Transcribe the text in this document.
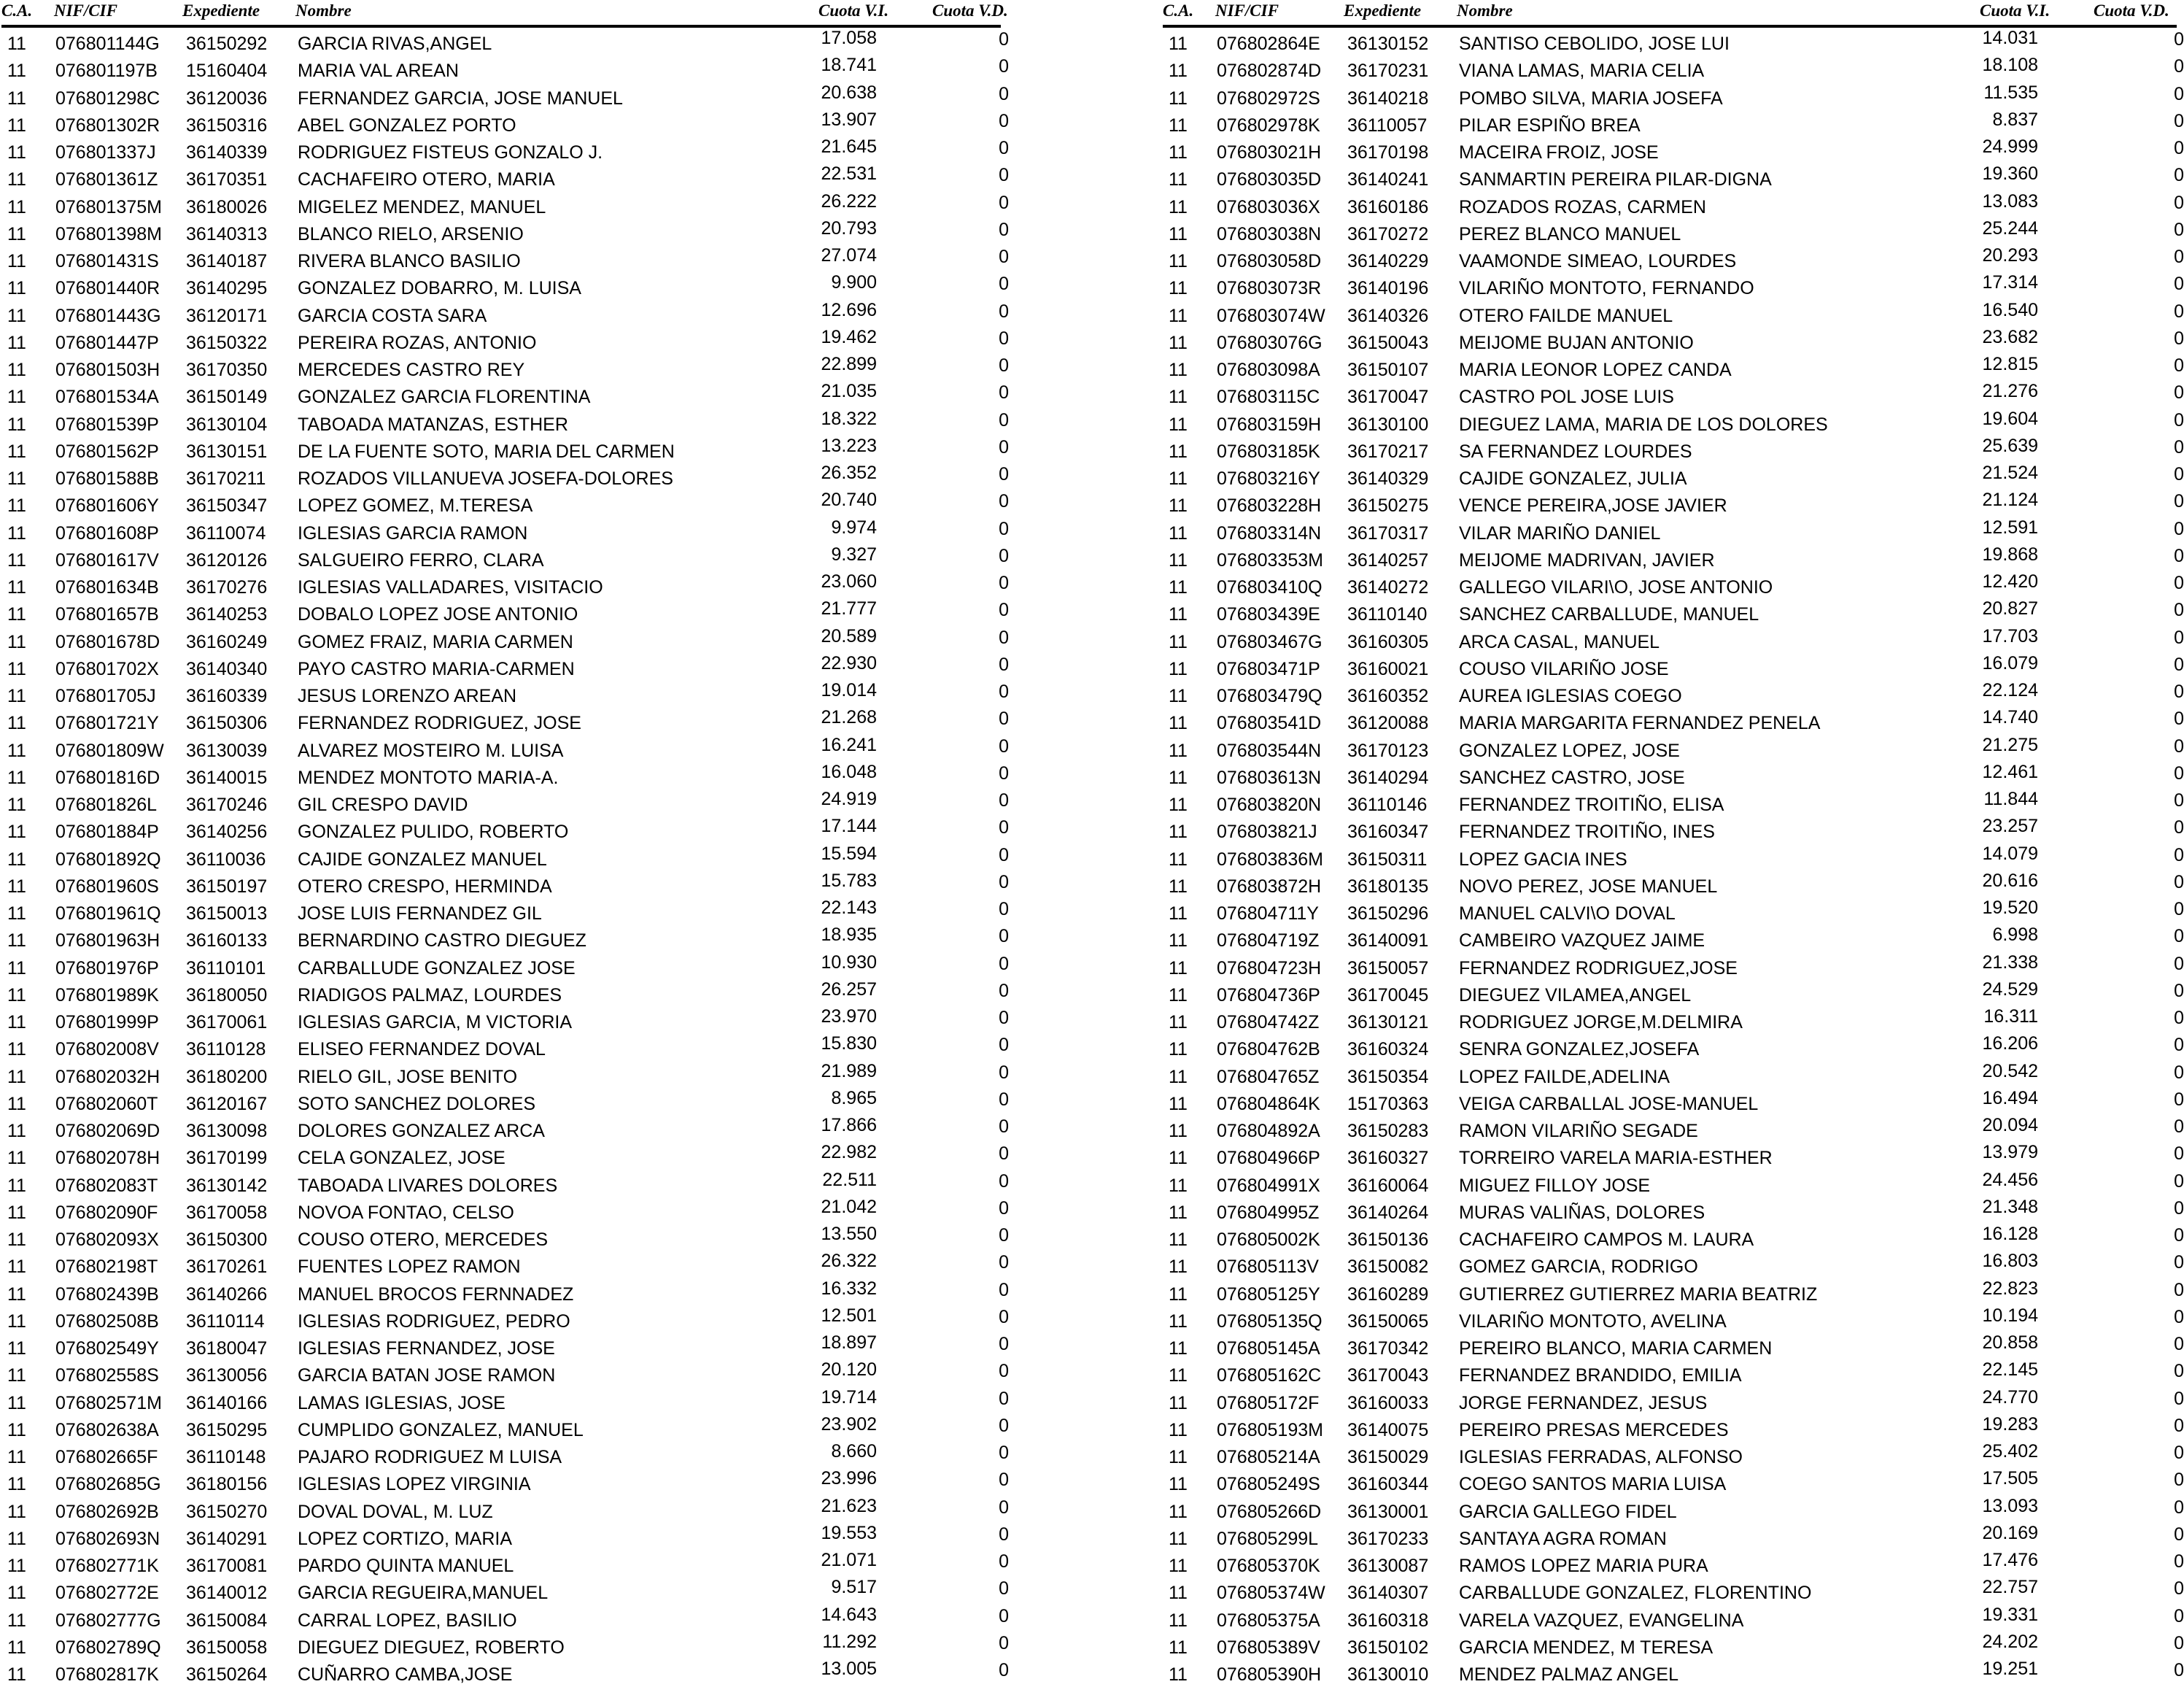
C.A. NIF/CIF	Expediente Nombre	Cuota V.I.	Cuota V.D.
11 076801144G 36150292 GARCIA RIVAS,ANGEL	17.058	0
11 076801197B 15160404 MARIA VAL AREAN	18.741	0
11 076801298C 36120036 FERNANDEZ GARCIA, JOSE MANUEL	20.638	0
11 076801302R 36150316 ABEL GONZALEZ PORTO	13.907	0
11 076801337J 36140339 RODRIGUEZ FISTEUS GONZALO J.	21.645	0
11 076801361Z 36170351 CACHAFEIRO OTERO, MARIA	22.531	0
11 076801375M 36180026 MIGELEZ MENDEZ, MANUEL	26.222	0
11 076801398M 36140313 BLANCO RIELO, ARSENIO	20.793	0
11 076801431S 36140187 RIVERA BLANCO BASILIO	27.074	0
11 076801440R 36140295 GONZALEZ DOBARRO, M. LUISA	9.900	0
11 076801443G 36120171 GARCIA COSTA SARA	12.696	0
11 076801447P 36150322 PEREIRA ROZAS, ANTONIO	19.462	0
11 076801503H 36170350 MERCEDES CASTRO REY	22.899	0
11 076801534A 36150149 GONZALEZ GARCIA FLORENTINA	21.035	0
11 076801539P 36130104 TABOADA MATANZAS, ESTHER	18.322	0
11 076801562P 36130151 DE LA FUENTE SOTO, MARIA DEL CARMEN	13.223	0
11 076801588B 36170211 ROZADOS VILLANUEVA JOSEFA-DOLORES	26.352	0
11 076801606Y 36150347 LOPEZ GOMEZ, M.TERESA	20.740	0
11 076801608P 36110074 IGLESIAS GARCIA RAMON	9.974	0
11 076801617V 36120126 SALGUEIRO FERRO, CLARA	9.327	0
11 076801634B 36170276 IGLESIAS VALLADARES, VISITACIO	23.060	0
11 076801657B 36140253 DOBALO LOPEZ JOSE ANTONIO	21.777	0
11 076801678D 36160249 GOMEZ FRAIZ, MARIA CARMEN	20.589	0
11 076801702X 36140340 PAYO CASTRO MARIA-CARMEN	22.930	0
11 076801705J 36160339 JESUS LORENZO AREAN	19.014	0
11 076801721Y 36150306 FERNANDEZ RODRIGUEZ, JOSE	21.268	0
11 076801809W 36130039 ALVAREZ MOSTEIRO M. LUISA	16.241	0
11 076801816D 36140015 MENDEZ MONTOTO MARIA-A.	16.048	0
11 076801826L 36170246 GIL CRESPO DAVID	24.919	0
11 076801884P 36140256 GONZALEZ PULIDO, ROBERTO	17.144	0
11 076801892Q 36110036 CAJIDE GONZALEZ MANUEL	15.594	0
11 076801960S 36150197 OTERO CRESPO, HERMINDA	15.783	0
11 076801961Q 36150013 JOSE LUIS FERNANDEZ GIL	22.143	0
11 076801963H 36160133 BERNARDINO CASTRO DIEGUEZ	18.935	0
11 076801976P 36110101 CARBALLUDE GONZALEZ JOSE	10.930	0
11 076801989K 36180050 RIADIGOS PALMAZ, LOURDES	26.257	0
11 076801999P 36170061 IGLESIAS GARCIA, M VICTORIA	23.970	0
11 076802008V 36110128 ELISEO FERNANDEZ DOVAL	15.830	0
11 076802032H 36180200 RIELO GIL, JOSE BENITO	21.989	0
11 076802060T 36120167 SOTO SANCHEZ DOLORES	8.965	0
11 076802069D 36130098 DOLORES GONZALEZ ARCA	17.866	0
11 076802078H 36170199 CELA GONZALEZ, JOSE	22.982	0
11 076802083T 36130142 TABOADA LIVARES DOLORES	22.511	0
11 076802090F 36170058 NOVOA FONTAO, CELSO	21.042	0
11 076802093X 36150300 COUSO OTERO, MERCEDES	13.550	0
11 076802198T 36170261 FUENTES LOPEZ RAMON	26.322	0
11 076802439B 36140266 MANUEL BROCOS FERNNADEZ	16.332	0
11 076802508B 36110114 IGLESIAS RODRIGUEZ, PEDRO	12.501	0
11 076802549Y 36180047 IGLESIAS FERNANDEZ, JOSE	18.897	0
11 076802558S 36130056 GARCIA BATAN JOSE RAMON	20.120	0
11 076802571M 36140166 LAMAS IGLESIAS, JOSE	19.714	0
11 076802638A 36150295 CUMPLIDO GONZALEZ, MANUEL	23.902	0
11 076802665F 36110148 PAJARO RODRIGUEZ M LUISA	8.660	0
11 076802685G 36180156 IGLESIAS LOPEZ VIRGINIA	23.996	0
11 076802692B 36150270 DOVAL DOVAL, M. LUZ	21.623	0
11 076802693N 36140291 LOPEZ CORTIZO, MARIA	19.553	0
11 076802771K 36170081 PARDO QUINTA MANUEL	21.071	0
11 076802772E 36140012 GARCIA REGUEIRA,MANUEL	9.517	0
11 076802777G 36150084 CARRAL LOPEZ, BASILIO	14.643	0
11 076802789Q 36150058 DIEGUEZ DIEGUEZ, ROBERTO	11.292	0
11 076802817K 36150264 CUÑARRO CAMBA,JOSE	13.005	0
C.A. NIF/CIF	Expediente Nombre	Cuota V.I.	Cuota V.D.
11 076802864E 36130152 SANTISO CEBOLIDO, JOSE LUI	14.031	0
11 076802874D 36170231 VIANA LAMAS, MARIA CELIA	18.108	0
11 076802972S 36140218 POMBO SILVA, MARIA JOSEFA	11.535	0
11 076802978K 36110057 PILAR ESPIÑO BREA	8.837	0
11 076803021H 36170198 MACEIRA FROIZ, JOSE	24.999	0
11 076803035D 36140241 SANMARTIN PEREIRA PILAR-DIGNA	19.360	0
11 076803036X 36160186 ROZADOS ROZAS, CARMEN	13.083	0
11 076803038N 36170272 PEREZ BLANCO MANUEL	25.244	0
11 076803058D 36140229 VAAMONDE SIMEAO, LOURDES	20.293	0
11 076803073R 36140196 VILARIÑO MONTOTO, FERNANDO	17.314	0
11 076803074W 36140326 OTERO FAILDE MANUEL	16.540	0
11 076803076G 36150043 MEIJOME BUJAN ANTONIO	23.682	0
11 076803098A 36150107 MARIA LEONOR LOPEZ CANDA	12.815	0
11 076803115C 36170047 CASTRO POL JOSE LUIS	21.276	0
11 076803159H 36130100 DIEGUEZ LAMA, MARIA DE LOS DOLORES	19.604	0
11 076803185K 36170217 SA FERNANDEZ LOURDES	25.639	0
11 076803216Y 36140329 CAJIDE GONZALEZ, JULIA	21.524	0
11 076803228H 36150275 VENCE PEREIRA,JOSE JAVIER	21.124	0
11 076803314N 36170317 VILAR MARIÑO DANIEL	12.591	0
11 076803353M 36140257 MEIJOME MADRIVAN, JAVIER	19.868	0
11 076803410Q 36140272 GALLEGO VILARI\O, JOSE ANTONIO	12.420	0
11 076803439E 36110140 SANCHEZ CARBALLUDE, MANUEL	20.827	0
11 076803467G 36160305 ARCA CASAL, MANUEL	17.703	0
11 076803471P 36160021 COUSO VILARIÑO JOSE	16.079	0
11 076803479Q 36160352 AUREA IGLESIAS COEGO	22.124	0
11 076803541D 36120088 MARIA MARGARITA FERNANDEZ PENELA	14.740	0
11 076803544N 36170123 GONZALEZ LOPEZ, JOSE	21.275	0
11 076803613N 36140294 SANCHEZ CASTRO, JOSE	12.461	0
11 076803820N 36110146 FERNANDEZ TROITIÑO, ELISA	11.844	0
11 076803821J 36160347 FERNANDEZ TROITIÑO, INES	23.257	0
11 076803836M 36150311 LOPEZ GACIA INES	14.079	0
11 076803872H 36180135 NOVO PEREZ, JOSE MANUEL	20.616	0
11 076804711Y 36150296 MANUEL CALVI\O DOVAL	19.520	0
11 076804719Z 36140091 CAMBEIRO VAZQUEZ JAIME	6.998	0
11 076804723H 36150057 FERNANDEZ RODRIGUEZ,JOSE	21.338	0
11 076804736P 36170045 DIEGUEZ VILAMEA,ANGEL	24.529	0
11 076804742Z 36130121 RODRIGUEZ JORGE,M.DELMIRA	16.311	0
11 076804762B 36160324 SENRA GONZALEZ,JOSEFA	16.206	0
11 076804765Z 36150354 LOPEZ FAILDE,ADELINA	20.542	0
11 076804864K 15170363 VEIGA CARBALLAL JOSE-MANUEL	16.494	0
11 076804892A 36150283 RAMON VILARIÑO SEGADE	20.094	0
11 076804966P 36160327 TORREIRO VARELA MARIA-ESTHER	13.979	0
11 076804991X 36160064 MIGUEZ FILLOY JOSE	24.456	0
11 076804995Z 36140264 MURAS VALIÑAS, DOLORES	21.348	0
11 076805002K 36150136 CACHAFEIRO CAMPOS M. LAURA	16.128	0
11 076805113V 36150082 GOMEZ GARCIA, RODRIGO	16.803	0
11 076805125Y 36160289 GUTIERREZ GUTIERREZ MARIA BEATRIZ	22.823	0
11 076805135Q 36150065 VILARIÑO MONTOTO, AVELINA	10.194	0
11 076805145A 36170342 PEREIRO BLANCO, MARIA CARMEN	20.858	0
11 076805162C 36170043 FERNANDEZ BRANDIDO, EMILIA	22.145	0
11 076805172F 36160033 JORGE FERNANDEZ, JESUS	24.770	0
11 076805193M 36140075 PEREIRO PRESAS MERCEDES	19.283	0
11 076805214A 36150029 IGLESIAS FERRADAS, ALFONSO	25.402	0
11 076805249S 36160344 COEGO SANTOS MARIA LUISA	17.505	0
11 076805266D 36130001 GARCIA GALLEGO FIDEL	13.093	0
11 076805299L 36170233 SANTAYA AGRA ROMAN	20.169	0
11 076805370K 36130087 RAMOS LOPEZ MARIA PURA	17.476	0
11 076805374W 36140307 CARBALLUDE GONZALEZ, FLORENTINO	22.757	0
11 076805375A 36160318 VARELA VAZQUEZ, EVANGELINA	19.331	0
11 076805389V 36150102 GARCIA MENDEZ, M TERESA	24.202	0
11 076805390H 36130010 MENDEZ PALMAZ ANGEL	19.251	0
